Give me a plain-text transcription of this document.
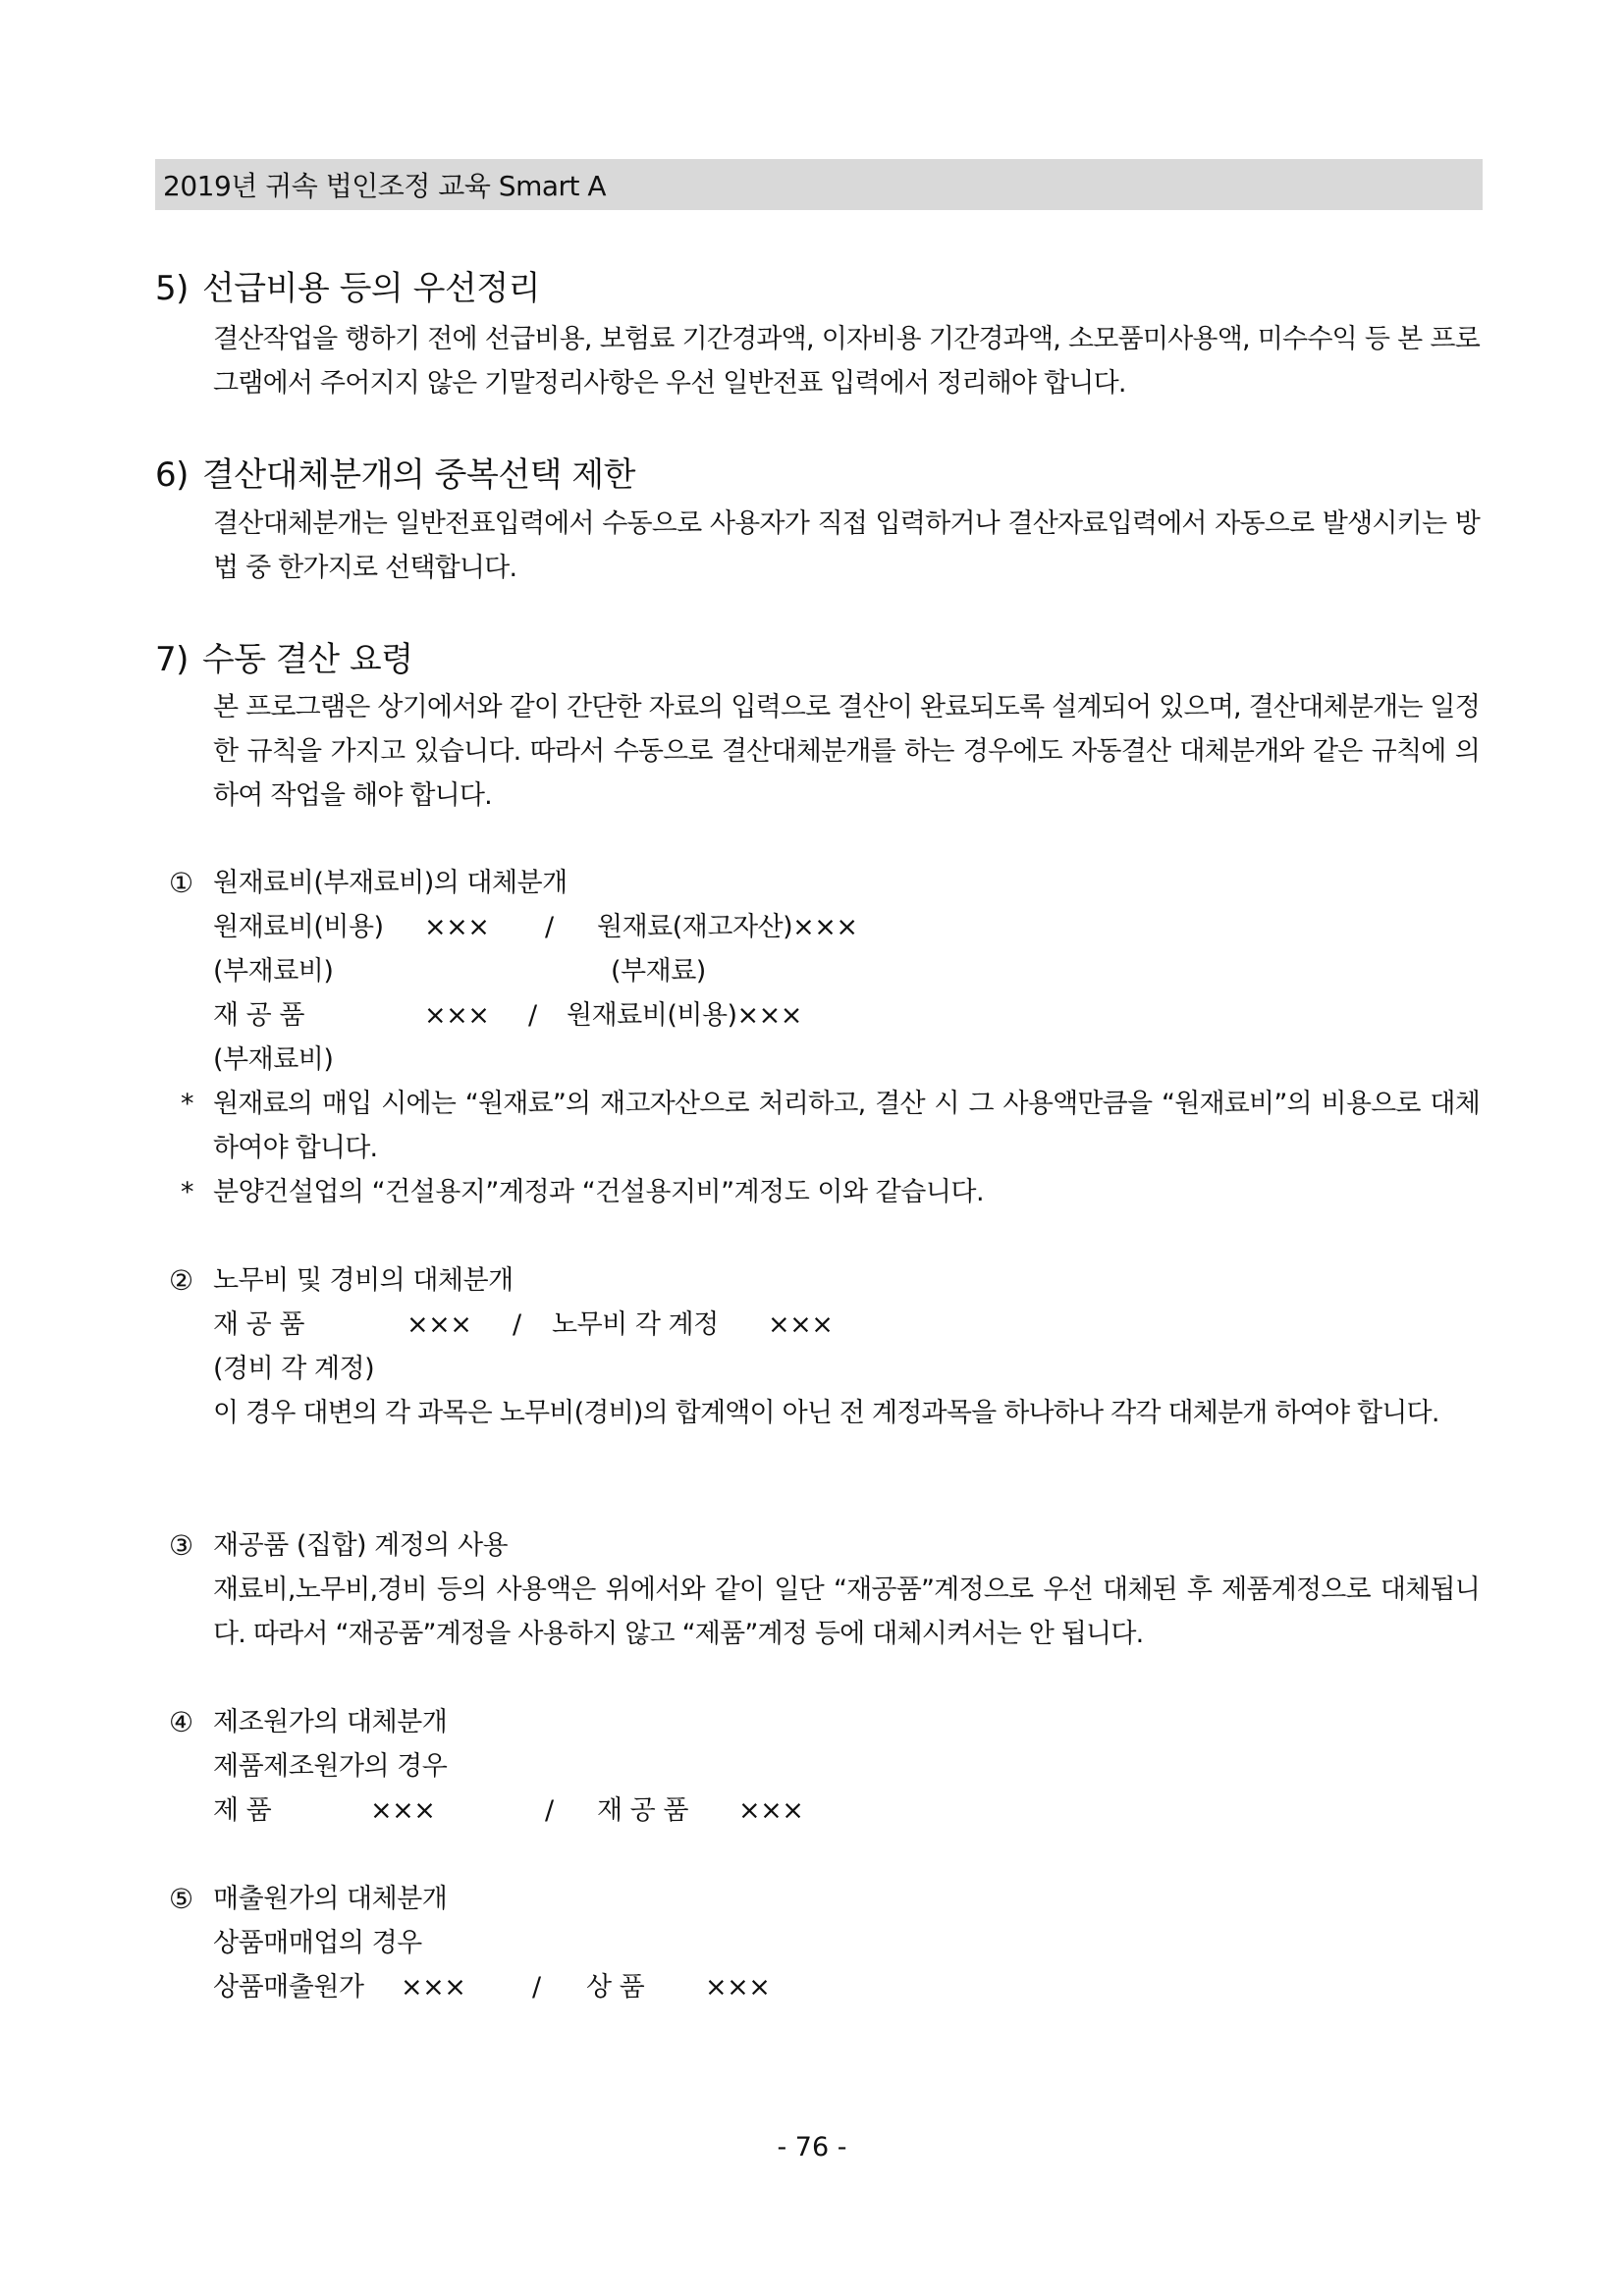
2019년 귀속 법인조정 교육 Smart A
5) 선급비용 등의 우선정리
결산작업을 행하기 전에 선급비용, 보험료 기간경과액, 이자비용 기간경과액, 소모품미사용액, 미수수익 등 본 프로그램에서 주어지지 않은 기말정리사항은 우선 일반전표 입력에서 정리해야 합니다.
6) 결산대체분개의 중복선택 제한
결산대체분개는 일반전표입력에서 수동으로 사용자가 직접 입력하거나 결산자료입력에서 자동으로 발생시키는 방법 중 한가지로 선택합니다.
7) 수동 결산 요령
본 프로그램은 상기에서와 같이 간단한 자료의 입력으로 결산이 완료되도록 설계되어 있으며, 결산대체분개는 일정한 규칙을 가지고 있습니다. 따라서 수동으로 결산대체분개를 하는 경우에도 자동결산 대체분개와 같은 규칙에 의하여 작업을 해야 합니다.
① 원재료비(부재료비)의 대체분개
원재료비(비용) ××× / 원재료(재고자산)×××
(부재료비)	(부재료)
재 공 품	××× / 원재료비(비용)×××
(부재료비)
* 원재료의 매입 시에는 “원재료”의 재고자산으로 처리하고, 결산 시 그 사용액만큼을 “원재료비”의 비용으로 대체 하여야 합니다.
* 분양건설업의 “건설용지”계정과 “건설용지비”계정도 이와 같습니다.
② 노무비 및 경비의 대체분개
재 공 품	××× / 노무비 각 계정 ×××
(경비 각 계정)
이 경우 대변의 각 과목은 노무비(경비)의 합계액이 아닌 전 계정과목을 하나하나 각각 대체분개 하여야 합니다.
③ 재공품 (집합) 계정의 사용
재료비,노무비,경비 등의 사용액은 위에서와 같이 일단 “재공품”계정으로 우선 대체된 후 제품계정으로 대체됩니다. 따라서 “재공품”계정을 사용하지 않고 “제품”계정 등에 대체시켜서는 안 됩니다.
④ 제조원가의 대체분개
제품제조원가의 경우
제 품	×××	/ 재 공 품 ×××
⑤ 매출원가의 대체분개
상품매매업의 경우
상품매출원가 ×××	/ 상 품 ×××
- 76 -
